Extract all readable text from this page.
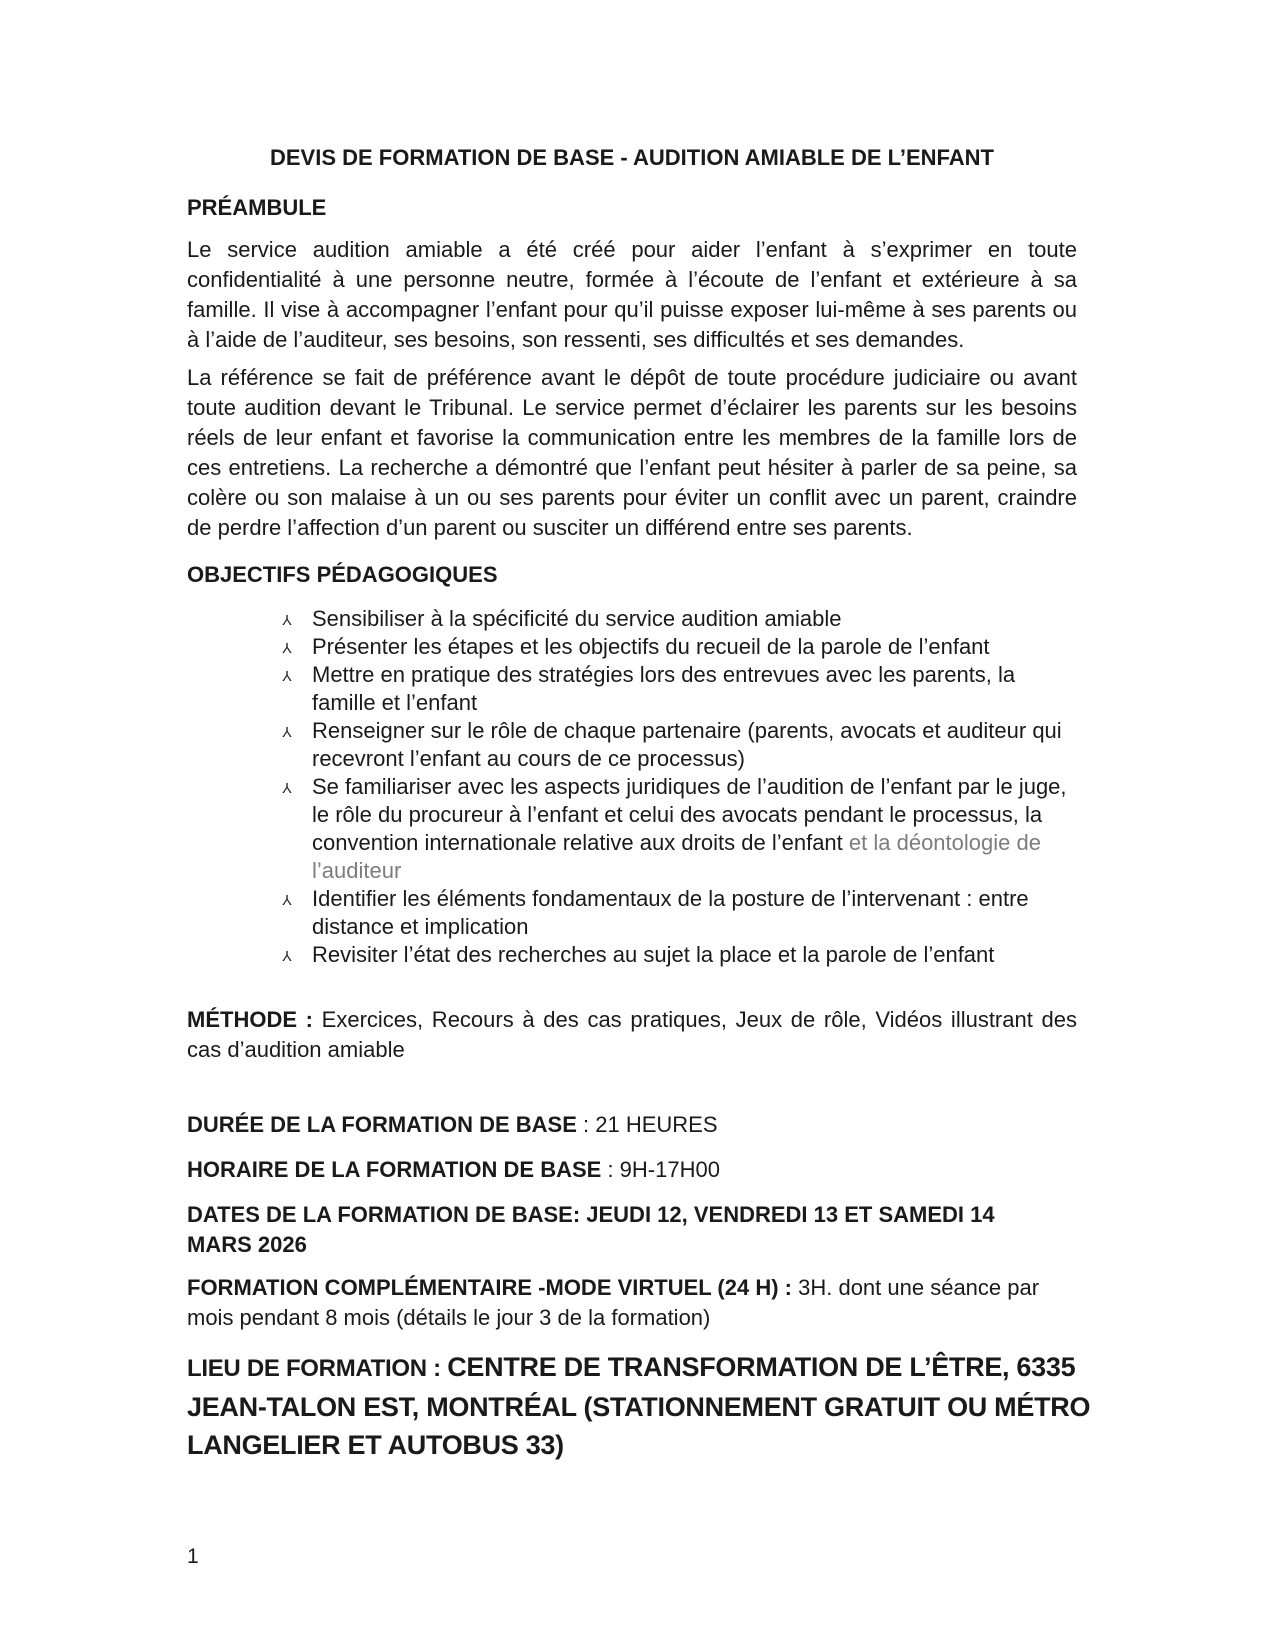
DEVIS DE FORMATION DE BASE - AUDITION AMIABLE DE L’ENFANT
PRÉAMBULE

Le service audition amiable a été créé pour aider l’enfant à s’exprimer en toute confidentialité à une personne neutre, formée à l’écoute de l’enfant et extérieure à sa famille. Il vise à accompagner l’enfant pour qu’il puisse exposer lui-même à ses parents ou à l’aide de l’auditeur, ses besoins, son ressenti, ses difficultés et ses demandes.

La référence se fait de préférence avant le dépôt de toute procédure judiciaire ou avant toute audition devant le Tribunal. Le service permet d’éclairer les parents sur les besoins réels de leur enfant et favorise la communication entre les membres de la famille lors de ces entretiens. La recherche a démontré que l’enfant peut hésiter à parler de sa peine, sa colère ou son malaise à un ou ses parents pour éviter un conflit avec un parent, craindre de perdre l’affection d’un parent ou susciter un différend entre ses parents.

OBJECTIFS PÉDAGOGIQUES
Y Sensibiliser à la spécificité du service audition amiable
Y Présenter les étapes et les objectifs du recueil de la parole de l’enfant
Y Mettre en pratique des stratégies lors des entrevues avec les parents, la famille et l’enfant
Y Renseigner sur le rôle de chaque partenaire (parents, avocats et auditeur qui recevront l’enfant au cours de ce processus)
Y Se familiariser avec les aspects juridiques de l’audition de l’enfant par le juge, le rôle du procureur à l’enfant et celui des avocats pendant le processus, la convention internationale relative aux droits de l’enfant et la déontologie de l’auditeur
Y Identifier les éléments fondamentaux de la posture de l’intervenant : entre distance et implication
Y Revisiter l’état des recherches au sujet la place et la parole de l’enfant

MÉTHODE : Exercices, Recours à des cas pratiques, Jeux de rôle, Vidéos illustrant des cas d’audition amiable

DURÉE DE LA FORMATION DE BASE : 21 HEURES

HORAIRE DE LA FORMATION DE BASE : 9H-17H00

DATES DE LA FORMATION DE BASE: JEUDI 12, VENDREDI 13 ET SAMEDI 14
MARS 2026

FORMATION COMPLÉMENTAIRE -MODE VIRTUEL (24 H) : 3H. dont une séance par mois pendant 8 mois (détails le jour 3 de la formation)

LIEU DE FORMATION : CENTRE DE TRANSFORMATION DE L’ÊTRE, 6335
JEAN-TALON EST, MONTRÉAL (STATIONNEMENT GRATUIT OU MÉTRO
LANGELIER ET AUTOBUS 33)
1
